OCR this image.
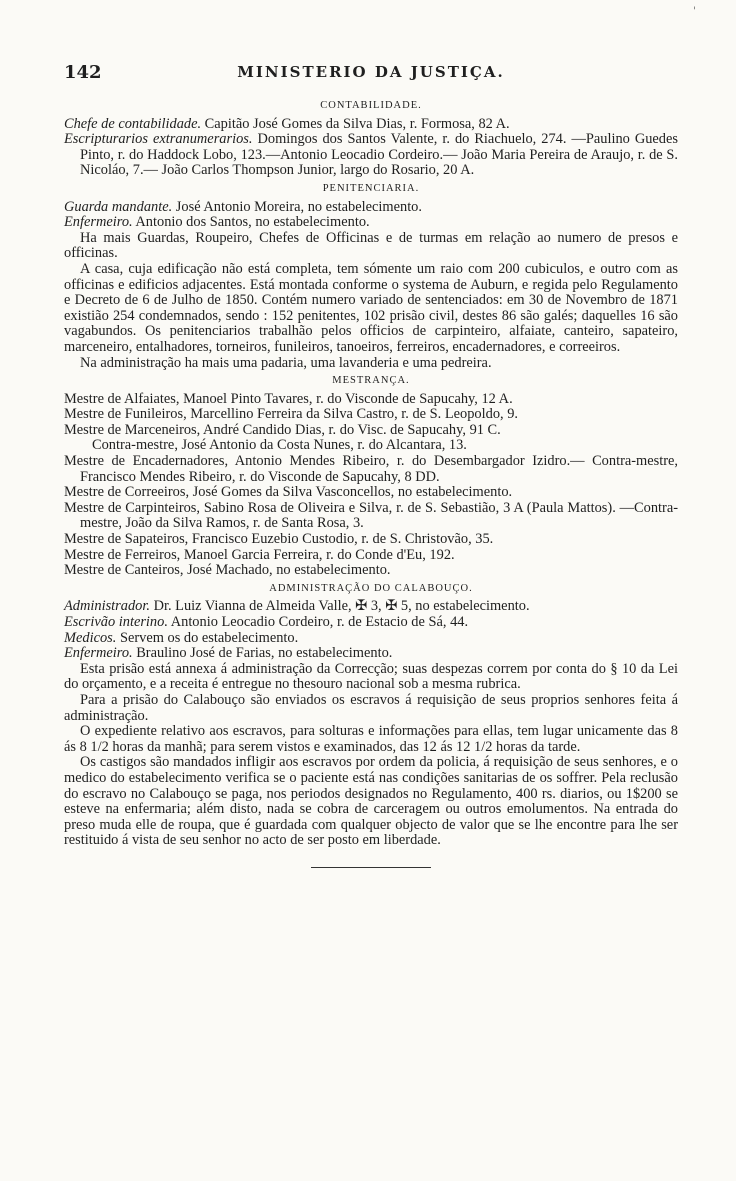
'
142	MINISTERIO DA JUSTIÇA.
CONTABILIDADE.

Chefe de contabilidade. Capitão José Gomes da Silva Dias, r. Formosa, 82 A.

Escripturarios extranumerarios. Domingos dos Santos Valente, r. do Riachuelo, 274. —Paulino Guedes Pinto, r. do Haddock Lobo, 123.—Antonio Leocadio Cordeiro.— João Maria Pereira de Araujo, r. de S. Nicoláo, 7.— João Carlos Thompson Junior, largo do Rosario, 20 A.

PENITENCIARIA.

Guarda mandante. José Antonio Moreira, no estabelecimento.

Enfermeiro. Antonio dos Santos, no estabelecimento.

Ha mais Guardas, Roupeiro, Chefes de Officinas e de turmas em relação ao numero de presos e officinas.

A casa, cuja edificação não está completa, tem sómente um raio com 200 cubiculos, e outro com as officinas e edificios adjacentes. Está montada conforme o systema de Auburn, e regida pelo Regulamento e Decreto de 6 de Julho de 1850. Contém numero variado de sentenciados: em 30 de Novembro de 1871 existião 254 condemnados, sendo : 152 penitentes, 102 prisão civil, destes 86 são galés; daquelles 16 são vagabundos. Os penitenciarios trabalhão pelos officios de carpinteiro, alfaiate, canteiro, sapateiro, marceneiro, entalhadores, torneiros, funileiros, tanoeiros, ferreiros, encadernadores, e correeiros.

Na administração ha mais uma padaria, uma lavanderia e uma pedreira.

MESTRANÇA.

Mestre de Alfaiates, Manoel Pinto Tavares, r. do Visconde de Sapucahy, 12 A.

Mestre de Funileiros, Marcellino Ferreira da Silva Castro, r. de S. Leopoldo, 9.

Mestre de Marceneiros, André Candido Dias, r. do Visc. de Sapucahy, 91 C.

Contra-mestre, José Antonio da Costa Nunes, r. do Alcantara, 13.

Mestre de Encadernadores, Antonio Mendes Ribeiro, r. do Desembargador Izidro.— Contra-mestre, Francisco Mendes Ribeiro, r. do Visconde de Sapucahy, 8 DD.

Mestre de Correeiros, José Gomes da Silva Vasconcellos, no estabelecimento.

Mestre de Carpinteiros, Sabino Rosa de Oliveira e Silva, r. de S. Sebastião, 3 A (Paula Mattos). —Contra-mestre, João da Silva Ramos, r. de Santa Rosa, 3.

Mestre de Sapateiros, Francisco Euzebio Custodio, r. de S. Christovão, 35.

Mestre de Ferreiros, Manoel Garcia Ferreira, r. do Conde d'Eu, 192.

Mestre de Canteiros, José Machado, no estabelecimento.

ADMINISTRAÇÃO DO CALABOUÇO.

Administrador. Dr. Luiz Vianna de Almeida Valle, ✠ 3, ✠ 5, no estabelecimento.

Escrivão interino. Antonio Leocadio Cordeiro, r. de Estacio de Sá, 44.

Medicos. Servem os do estabelecimento.

Enfermeiro. Braulino José de Farias, no estabelecimento.

Esta prisão está annexa á administração da Correcção; suas despezas correm por conta do § 10 da Lei do orçamento, e a receita é entregue no thesouro nacional sob a mesma rubrica.

Para a prisão do Calabouço são enviados os escravos á requisição de seus proprios senhores feita á administração.

O expediente relativo aos escravos, para solturas e informações para ellas, tem lugar unicamente das 8 ás 8 1/2 horas da manhã; para serem vistos e examinados, das 12 ás 12 1/2 horas da tarde.

Os castigos são mandados infligir aos escravos por ordem da policia, á requisição de seus senhores, e o medico do estabelecimento verifica se o paciente está nas condições sanitarias de os soffrer. Pela reclusão do escravo no Calabouço se paga, nos periodos designados no Regulamento, 400 rs. diarios, ou 1$200 se esteve na enfermaria; além disto, nada se cobra de carceragem ou outros emolumentos. Na entrada do preso muda elle de roupa, que é guardada com qualquer objecto de valor que se lhe encontre para lhe ser restituido á vista de seu senhor no acto de ser posto em liberdade.
